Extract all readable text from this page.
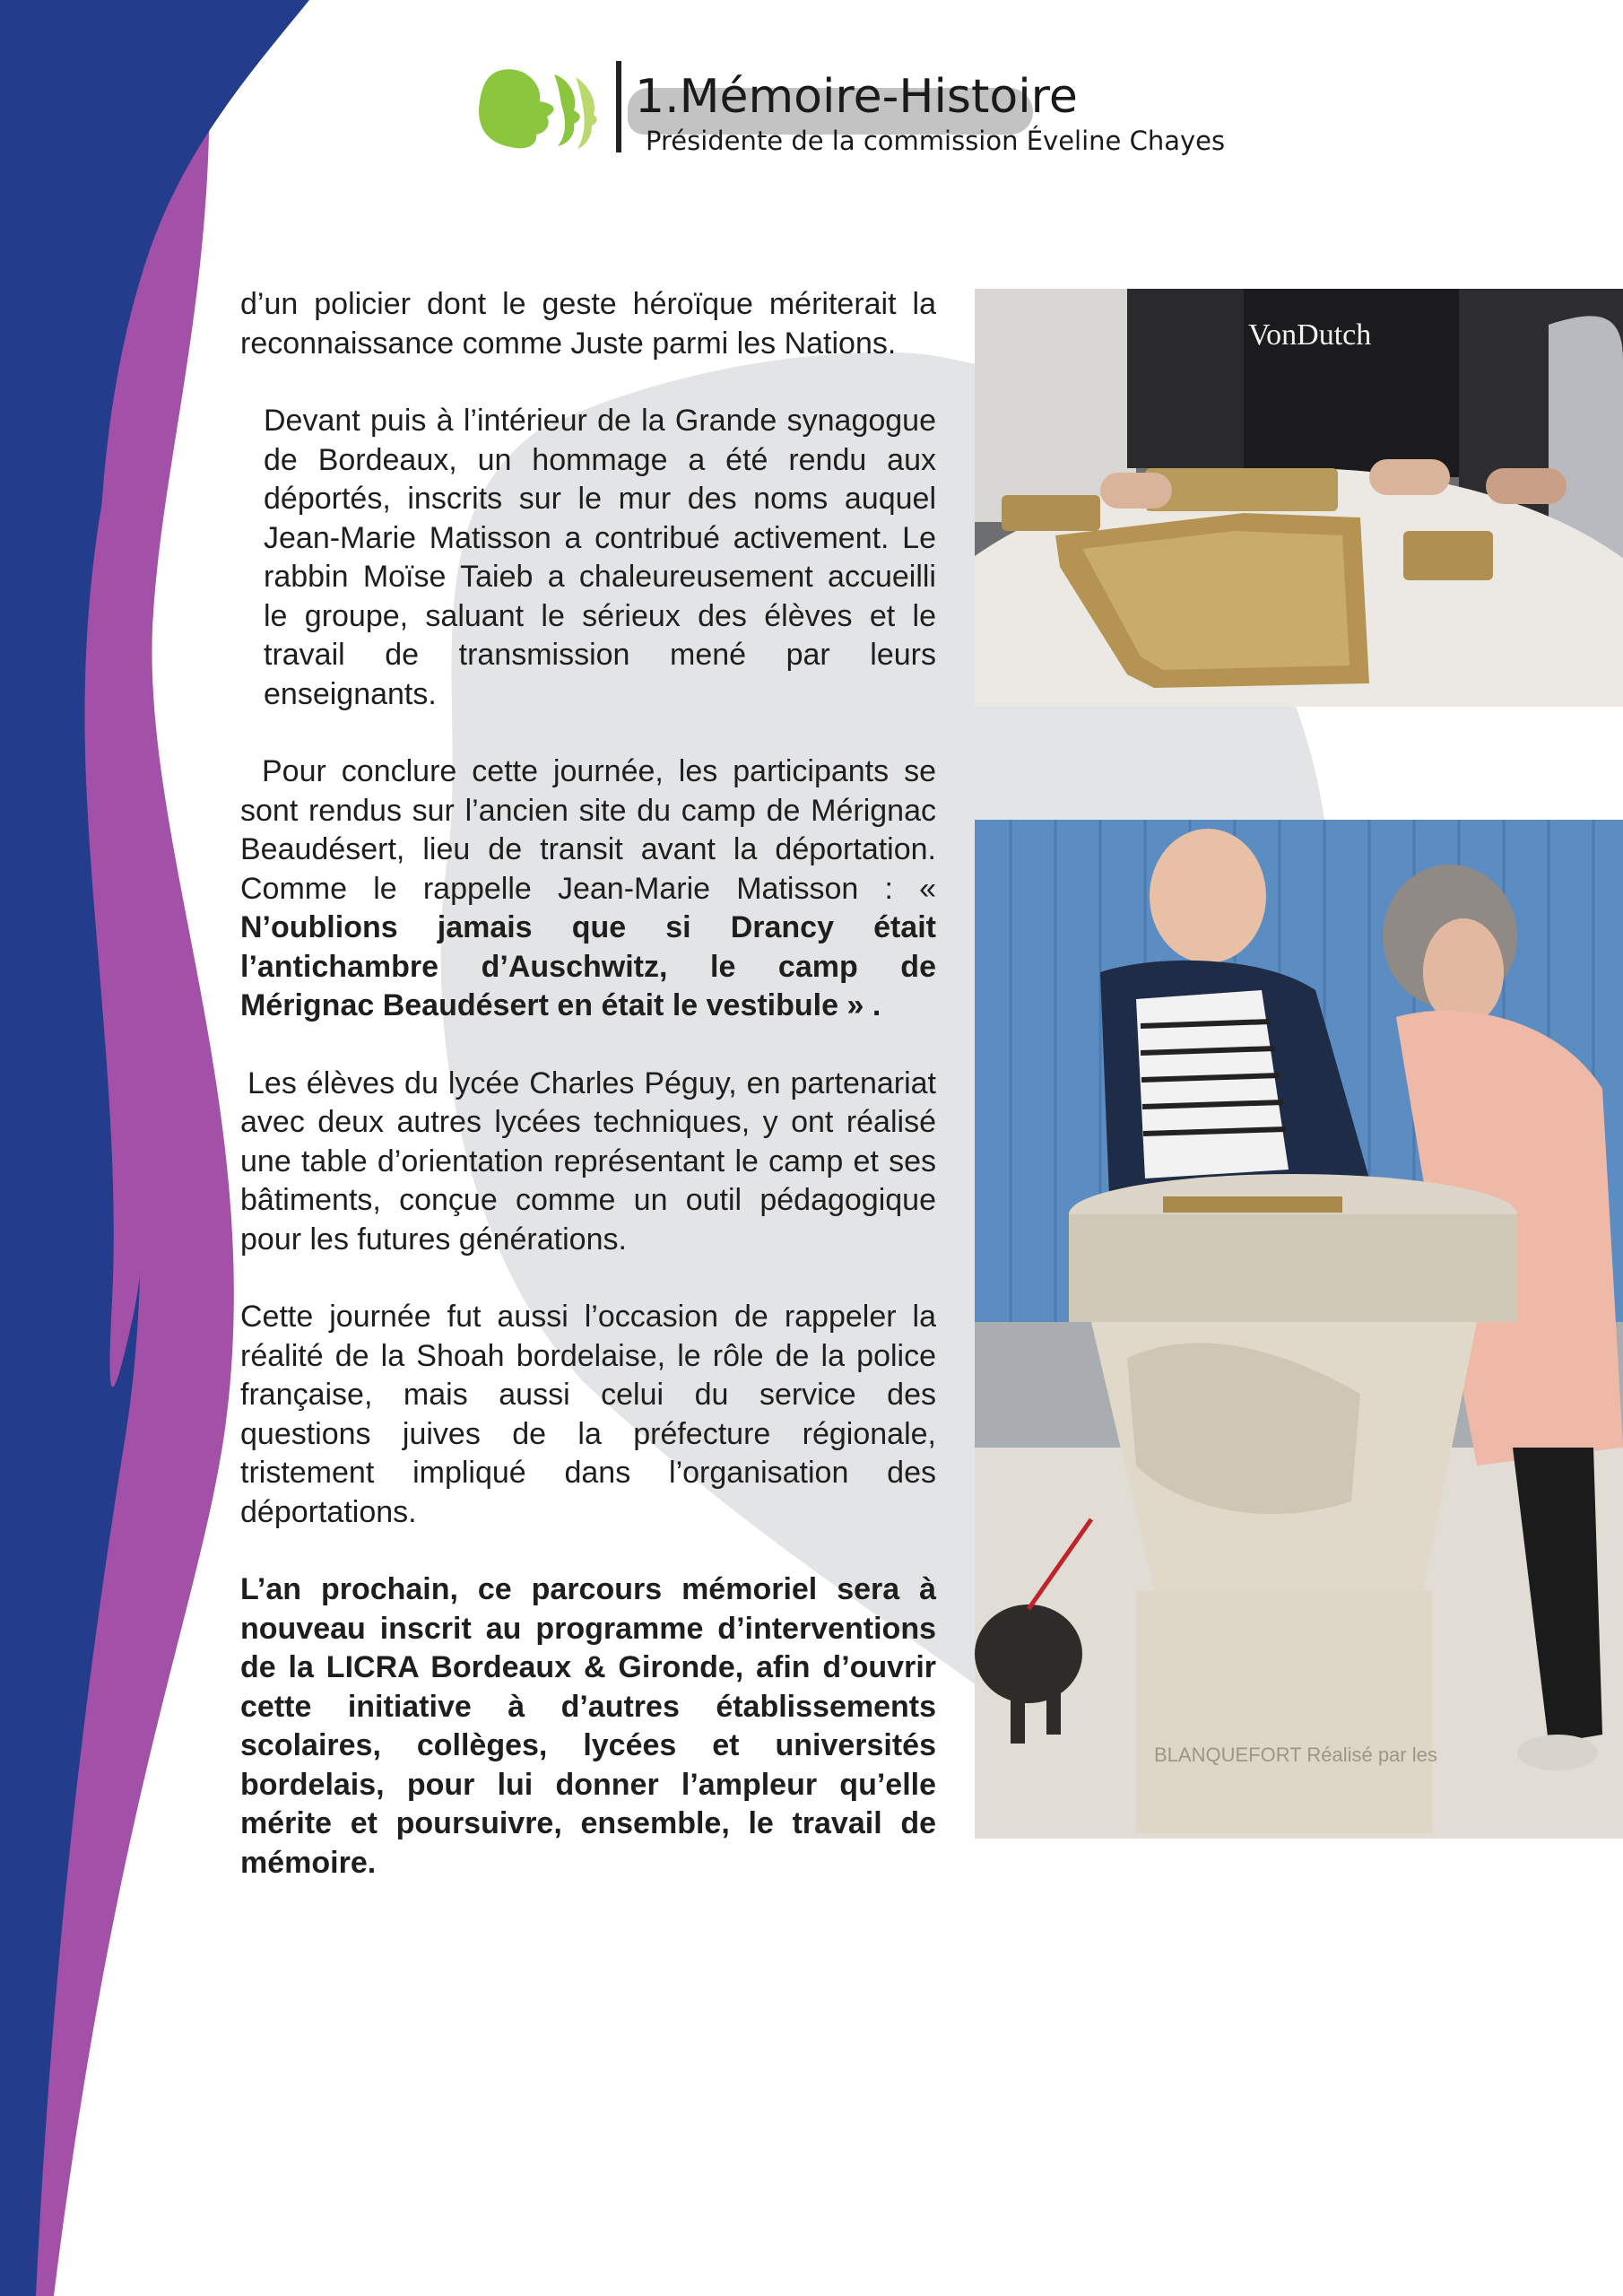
1.Mémoire-Histoire
Présidente de la commission Éveline Chayes

d’un policier dont le geste héroïque mériterait la reconnaissance comme Juste parmi les Nations.

Devant puis à l’intérieur de la Grande synagogue de Bordeaux, un hommage a été rendu aux déportés, inscrits sur le mur des noms auquel Jean-Marie Matisson a contribué activement. Le rabbin Moïse Taieb a chaleureusement accueilli le groupe, saluant le sérieux des élèves et le travail de transmission mené par leurs enseignants.

Pour conclure cette journée, les participants se sont rendus sur l’ancien site du camp de Mérignac Beaudésert, lieu de transit avant la déportation. Comme le rappelle Jean-Marie Matisson : « N’oublions jamais que si Drancy était l’antichambre d’Auschwitz, le camp de Mérignac Beaudésert en était le vestibule » .

Les élèves du lycée Charles Péguy, en partenariat avec deux autres lycées techniques, y ont réalisé une table d’orientation représentant le camp et ses bâtiments, conçue comme un outil pédagogique pour les futures générations.

Cette journée fut aussi l’occasion de rappeler la réalité de la Shoah bordelaise, le rôle de la police française, mais aussi celui du service des questions juives de la préfecture régionale, tristement impliqué dans l’organisation des déportations.

L’an prochain, ce parcours mémoriel sera à nouveau inscrit au programme d’interventions de la LICRA Bordeaux & Gironde, afin d’ouvrir cette initiative à d’autres établissements scolaires, collèges, lycées et universités bordelais, pour lui donner l’ampleur qu’elle mérite et poursuivre, ensemble, le travail de mémoire.

VonDutch
BLANQUEFORT Réalisé par les
